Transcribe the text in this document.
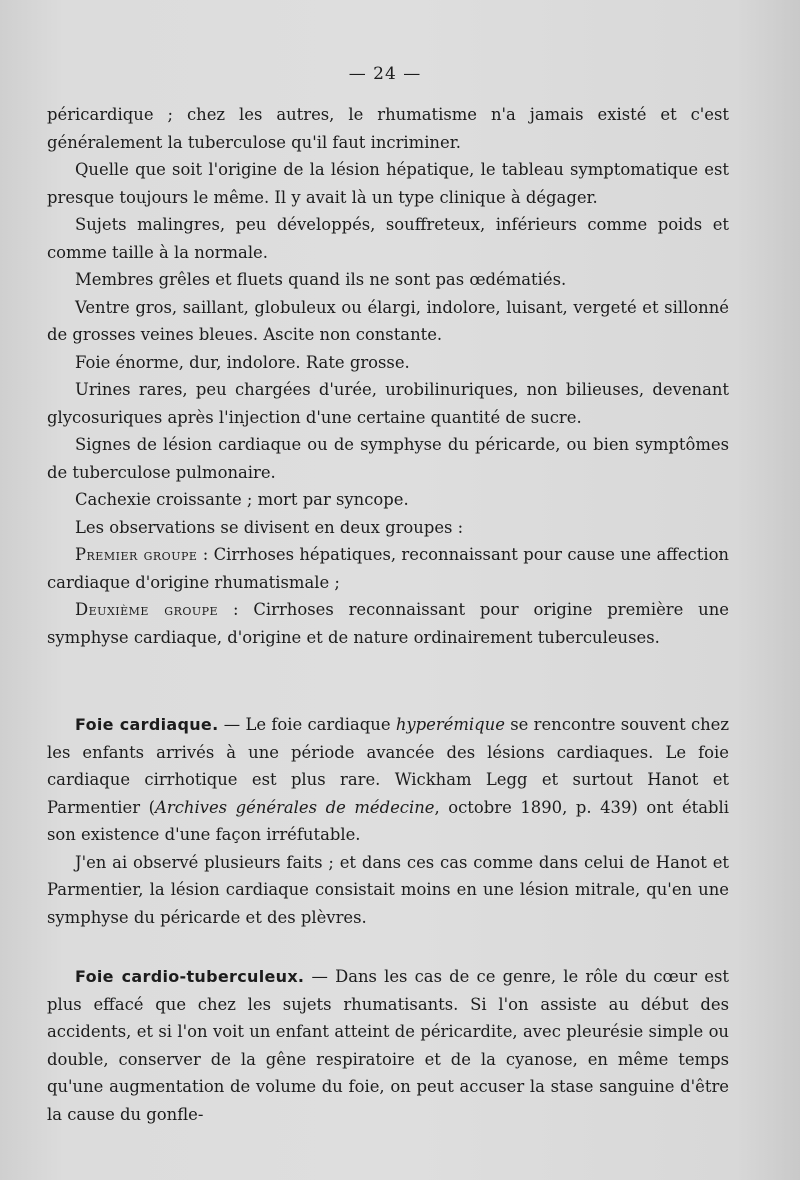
— 24 —

péricardique ; chez les autres, le rhumatisme n'a jamais existé et c'est généralement la tuberculose qu'il faut incriminer.

Quelle que soit l'origine de la lésion hépatique, le tableau symptomatique est presque toujours le même. Il y avait là un type clinique à dégager.

Sujets malingres, peu développés, souffreteux, inférieurs comme poids et comme taille à la normale.

Membres grêles et fluets quand ils ne sont pas œdématiés.

Ventre gros, saillant, globuleux ou élargi, indolore, luisant, vergeté et sillonné de grosses veines bleues. Ascite non constante.

Foie énorme, dur, indolore. Rate grosse.

Urines rares, peu chargées d'urée, urobilinuriques, non bilieuses, devenant glycosuriques après l'injection d'une certaine quantité de sucre.

Signes de lésion cardiaque ou de symphyse du péricarde, ou bien symptômes de tuberculose pulmonaire.

Cachexie croissante ; mort par syncope.

Les observations se divisent en deux groupes :

Premier groupe : Cirrhoses hépatiques, reconnaissant pour cause une affection cardiaque d'origine rhumatismale ;

Deuxième groupe : Cirrhoses reconnaissant pour origine première une symphyse cardiaque, d'origine et de nature ordinairement tuberculeuses.

Foie cardiaque. — Le foie cardiaque hyperémique se rencontre souvent chez les enfants arrivés à une période avancée des lésions cardiaques. Le foie cardiaque cirrhotique est plus rare. Wickham Legg et surtout Hanot et Parmentier (Archives générales de médecine, octobre 1890, p. 439) ont établi son existence d'une façon irréfutable.

J'en ai observé plusieurs faits ; et dans ces cas comme dans celui de Hanot et Parmentier, la lésion cardiaque consistait moins en une lésion mitrale, qu'en une symphyse du péricarde et des plèvres.

Foie cardio-tuberculeux. — Dans les cas de ce genre, le rôle du cœur est plus effacé que chez les sujets rhumatisants. Si l'on assiste au début des accidents, et si l'on voit un enfant atteint de péricardite, avec pleurésie simple ou double, conserver de la gêne respiratoire et de la cyanose, en même temps qu'une augmentation de volume du foie, on peut accuser la stase sanguine d'être la cause du gonfle-
